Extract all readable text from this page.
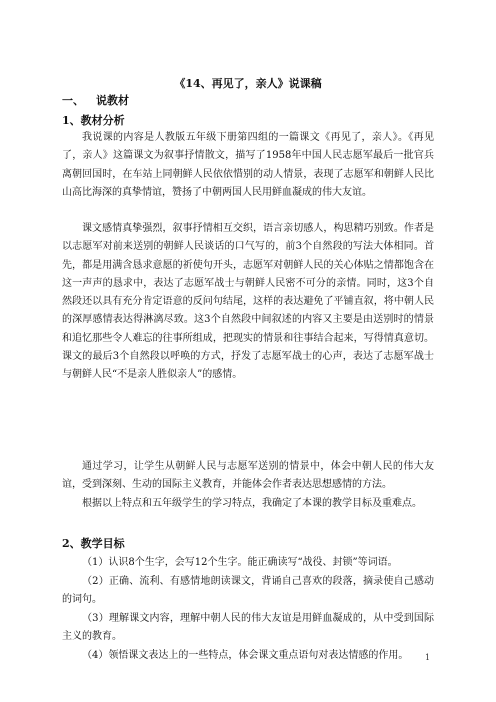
《14、再见了，亲人》说课稿
一、 说教材
1、教材分析

我说课的内容是人教版五年级下册第四组的一篇课文《再见了，亲人》。《再见了，亲人》这篇课文为叙事抒情散文，描写了1958年中国人民志愿军最后一批官兵离朝回国时，在车站上同朝鲜人民依依惜别的动人情景，表现了志愿军和朝鲜人民比山高比海深的真挚情谊，赞扬了中朝两国人民用鲜血凝成的伟大友谊。

课文感情真挚强烈，叙事抒情相互交织，语言亲切感人，构思精巧别致。作者是以志愿军对前来送别的朝鲜人民谈话的口气写的，前3个自然段的写法大体相同。首先，都是用满含恳求意愿的祈使句开头，志愿军对朝鲜人民的关心体贴之情都饱含在这一声声的恳求中，表达了志愿军战士与朝鲜人民密不可分的亲情。同时，这3个自然段还以具有充分肯定语意的反问句结尾，这样的表达避免了平铺直叙，将中朝人民的深厚感情表达得淋漓尽致。这3个自然段中间叙述的内容又主要是由送别时的情景和追忆那些令人难忘的往事所组成，把现实的情景和往事结合起来，写得情真意切。课文的最后3个自然段以呼唤的方式，抒发了志愿军战士的心声，表达了志愿军战士与朝鲜人民“不是亲人胜似亲人”的感情。

通过学习，让学生从朝鲜人民与志愿军送别的情景中，体会中朝人民的伟大友谊，受到深刻、生动的国际主义教育，并能体会作者表达思想感情的方法。

根据以上特点和五年级学生的学习特点，我确定了本课的教学目标及重难点。

2、教学目标

（1）认识8个生字，会写12个生字。能正确读写“战役、封锁”等词语。

（2）正确、流利、有感情地朗读课文，背诵自己喜欢的段落，摘录使自己感动的词句。

（3）理解课文内容，理解中朝人民的伟大友谊是用鲜血凝成的，从中受到国际主义的教育。

（4）领悟课文表达上的一些特点，体会课文重点语句对表达情感的作用。	1
